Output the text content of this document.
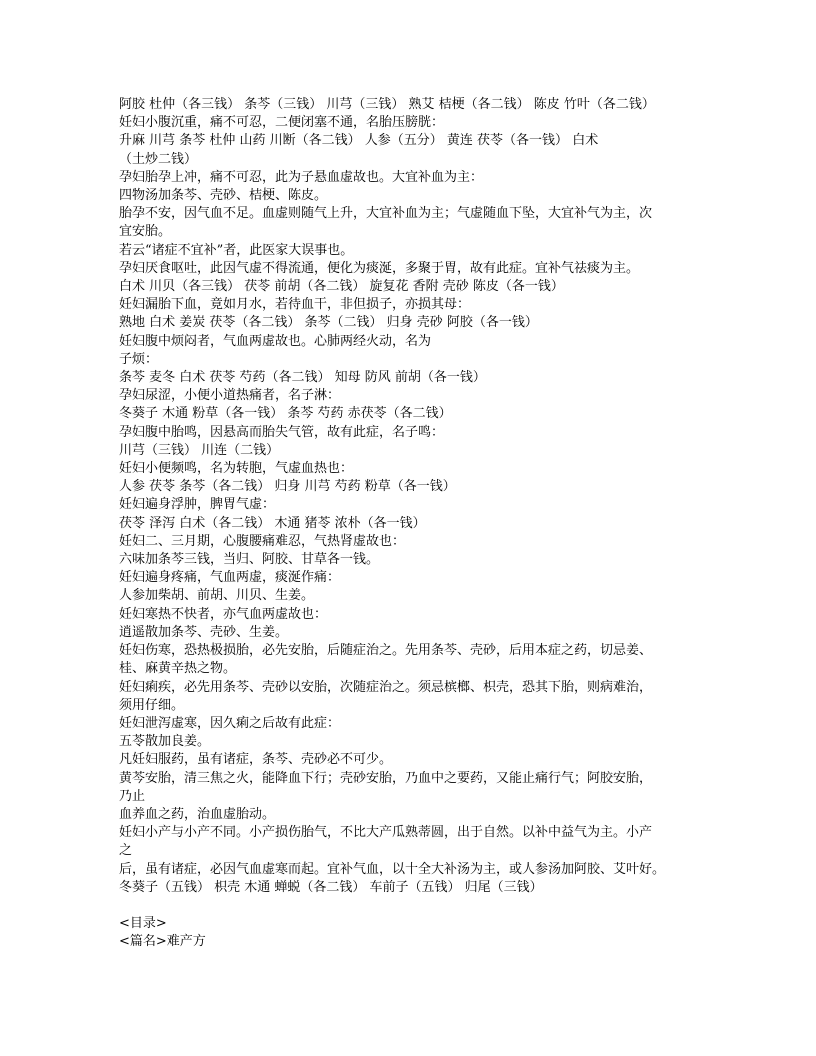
阿胶 杜仲（各三钱） 条芩（三钱） 川芎（三钱） 熟艾 桔梗（各二钱） 陈皮 竹叶（各二钱）

妊妇小腹沉重，痛不可忍，二便闭塞不通，名胎压膀胱：

升麻 川芎 条芩 杜仲 山药 川断（各二钱） 人参（五分） 黄连 茯苓（各一钱） 白术

（土炒二钱）

孕妇胎孕上冲，痛不可忍，此为子悬血虚故也。大宜补血为主：

四物汤加条芩、壳砂、桔梗、陈皮。

胎孕不安，因气血不足。血虚则随气上升，大宜补血为主；气虚随血下坠，大宜补气为主，次

宜安胎。

若云“诸症不宜补”者，此医家大误事也。

孕妇厌食呕吐，此因气虚不得流通，便化为痰涎，多聚于胃，故有此症。宜补气祛痰为主。

白术 川贝（各三钱） 茯苓 前胡（各二钱） 旋复花 香附 壳砂 陈皮（各一钱）

妊妇漏胎下血，竟如月水，若待血干，非但损子，亦损其母：

熟地 白术 姜炭 茯苓（各二钱） 条芩（二钱） 归身 壳砂 阿胶（各一钱）

妊妇腹中烦闷者，气血两虚故也。心肺两经火动，名为

子烦：

条芩 麦冬 白术 茯苓 芍药（各二钱） 知母 防风 前胡（各一钱）

孕妇尿涩，小便小道热痛者，名子淋：

冬葵子 木通 粉草（各一钱） 条芩 芍药 赤茯苓（各二钱）

孕妇腹中胎鸣，因悬高而胎失气管，故有此症，名子鸣：

川芎（三钱） 川连（二钱）

妊妇小便频鸣，名为转胞，气虚血热也：

人参 茯苓 条芩（各二钱） 归身 川芎 芍药 粉草（各一钱）

妊妇遍身浮肿，脾胃气虚：

茯苓 泽泻 白术（各二钱） 木通 猪苓 浓朴（各一钱）

妊妇二、三月期，心腹腰痛难忍，气热肾虚故也：

六味加条芩三钱，当归、阿胶、甘草各一钱。

妊妇遍身疼痛，气血两虚，痰涎作痛：

人参加柴胡、前胡、川贝、生姜。

妊妇寒热不快者，亦气血两虚故也：

逍遥散加条芩、壳砂、生姜。

妊妇伤寒，恐热极损胎，必先安胎，后随症治之。先用条芩、壳砂，后用本症之药，切忌姜、

桂、麻黄辛热之物。

妊妇痢疾，必先用条芩、壳砂以安胎，次随症治之。须忌槟榔、枳壳，恐其下胎，则病难治，

须用仔细。

妊妇泄泻虚寒，因久痢之后故有此症：

五苓散加良姜。

凡妊妇服药，虽有诸症，条芩、壳砂必不可少。

黄芩安胎，清三焦之火，能降血下行；壳砂安胎，乃血中之要药，又能止痛行气；阿胶安胎，

乃止

血养血之药，治血虚胎动。

妊妇小产与小产不同。小产损伤胎气，不比大产瓜熟蒂圆，出于自然。以补中益气为主。小产

之

后，虽有诸症，必因气血虚寒而起。宜补气血，以十全大补汤为主，或人参汤加阿胶、艾叶好。

冬葵子（五钱） 枳壳 木通 蝉蜕（各二钱） 车前子（五钱） 归尾（三钱）

<目录>

<篇名>难产方
